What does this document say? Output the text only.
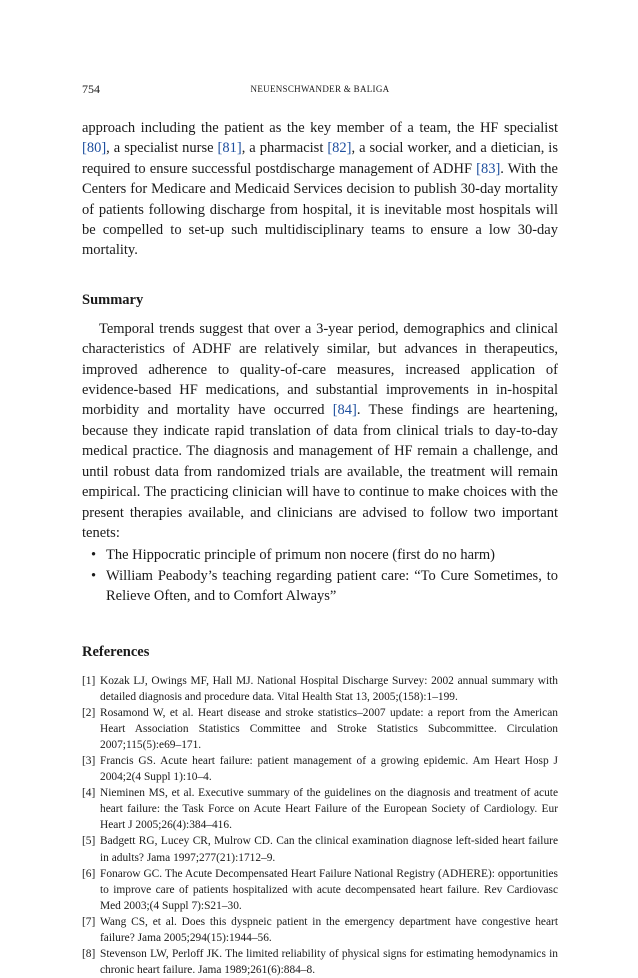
754	NEUENSCHWANDER & BALIGA

approach including the patient as the key member of a team, the HF specialist [80], a specialist nurse [81], a pharmacist [82], a social worker, and a dietician, is required to ensure successful postdischarge management of ADHF [83]. With the Centers for Medicare and Medicaid Services decision to publish 30-day mortality of patients following discharge from hospital, it is inevitable most hospitals will be compelled to set-up such multidisciplinary teams to ensure a low 30-day mortality.

Summary

Temporal trends suggest that over a 3-year period, demographics and clinical characteristics of ADHF are relatively similar, but advances in therapeutics, improved adherence to quality-of-care measures, increased application of evidence-based HF medications, and substantial improvements in in-hospital morbidity and mortality have occurred [84]. These findings are heartening, because they indicate rapid translation of data from clinical trials to day-to-day medical practice. The diagnosis and management of HF remain a challenge, and until robust data from randomized trials are available, the treatment will remain empirical. The practicing clinician will have to continue to make choices with the present therapies available, and clinicians are advised to follow two important tenets:

• The Hippocratic principle of primum non nocere (first do no harm)
• William Peabody’s teaching regarding patient care: “To Cure Sometimes, to Relieve Often, and to Comfort Always”
References
[1] Kozak LJ, Owings MF, Hall MJ. National Hospital Discharge Survey: 2002 annual summary with detailed diagnosis and procedure data. Vital Health Stat 13, 2005;(158):1–199.
[2] Rosamond W, et al. Heart disease and stroke statistics–2007 update: a report from the American Heart Association Statistics Committee and Stroke Statistics Subcommittee. Circulation 2007;115(5):e69–171.
[3] Francis GS. Acute heart failure: patient management of a growing epidemic. Am Heart Hosp J 2004;2(4 Suppl 1):10–4.
[4] Nieminen MS, et al. Executive summary of the guidelines on the diagnosis and treatment of acute heart failure: the Task Force on Acute Heart Failure of the European Society of Cardiology. Eur Heart J 2005;26(4):384–416.
[5] Badgett RG, Lucey CR, Mulrow CD. Can the clinical examination diagnose left-sided heart failure in adults? Jama 1997;277(21):1712–9.
[6] Fonarow GC. The Acute Decompensated Heart Failure National Registry (ADHERE): opportunities to improve care of patients hospitalized with acute decompensated heart failure. Rev Cardiovasc Med 2003;(4 Suppl 7):S21–30.
[7] Wang CS, et al. Does this dyspneic patient in the emergency department have congestive heart failure? Jama 2005;294(15):1944–56.
[8] Stevenson LW, Perloff JK. The limited reliability of physical signs for estimating hemodynamics in chronic heart failure. Jama 1989;261(6):884–8.
